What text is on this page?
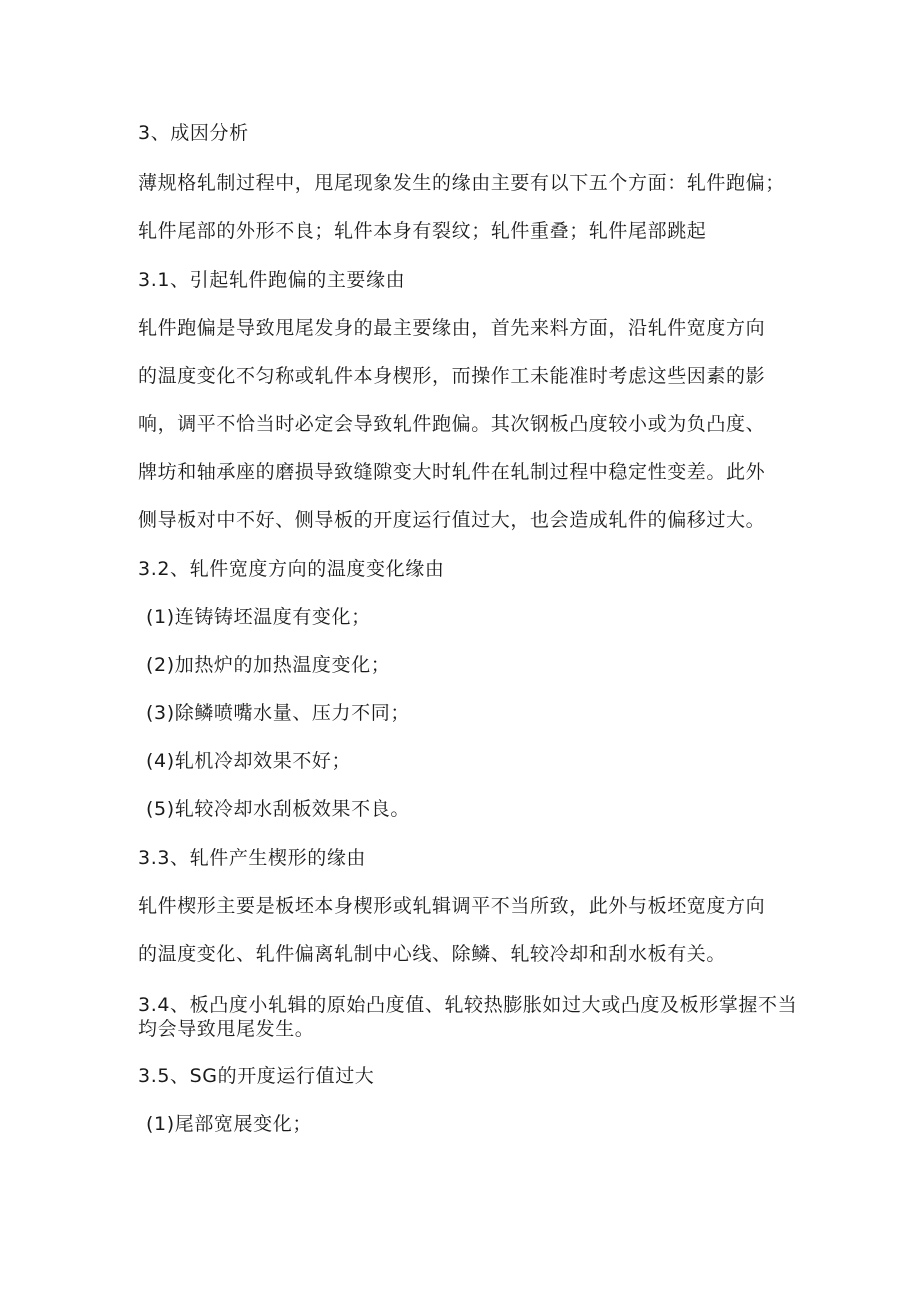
3、成因分析
薄规格轧制过程中，甩尾现象发生的缘由主要有以下五个方面：轧件跑偏；
轧件尾部的外形不良；轧件本身有裂纹；轧件重叠；轧件尾部跳起
3.1、引起轧件跑偏的主要缘由
轧件跑偏是导致甩尾发身的最主要缘由，首先来料方面，沿轧件宽度方向
的温度变化不匀称或轧件本身楔形，而操作工未能准时考虑这些因素的影
响，调平不恰当时必定会导致轧件跑偏。其次钢板凸度较小或为负凸度、
牌坊和轴承座的磨损导致缝隙变大时轧件在轧制过程中稳定性变差。此外
侧导板对中不好、侧导板的开度运行值过大，也会造成轧件的偏移过大。
3.2、轧件宽度方向的温度变化缘由
(1)连铸铸坯温度有变化；
(2)加热炉的加热温度变化；
(3)除鳞喷嘴水量、压力不同；
(4)轧机冷却效果不好；
(5)轧较冷却水刮板效果不良。
3.3、轧件产生楔形的缘由
轧件楔形主要是板坯本身楔形或轧辑调平不当所致，此外与板坯宽度方向
的温度变化、轧件偏离轧制中心线、除鳞、轧较冷却和刮水板有关。
3.4、板凸度小轧辑的原始凸度值、轧较热膨胀如过大或凸度及板形掌握不当均会导致甩尾发生。
3.5、SG的开度运行值过大
(1)尾部宽展变化；
